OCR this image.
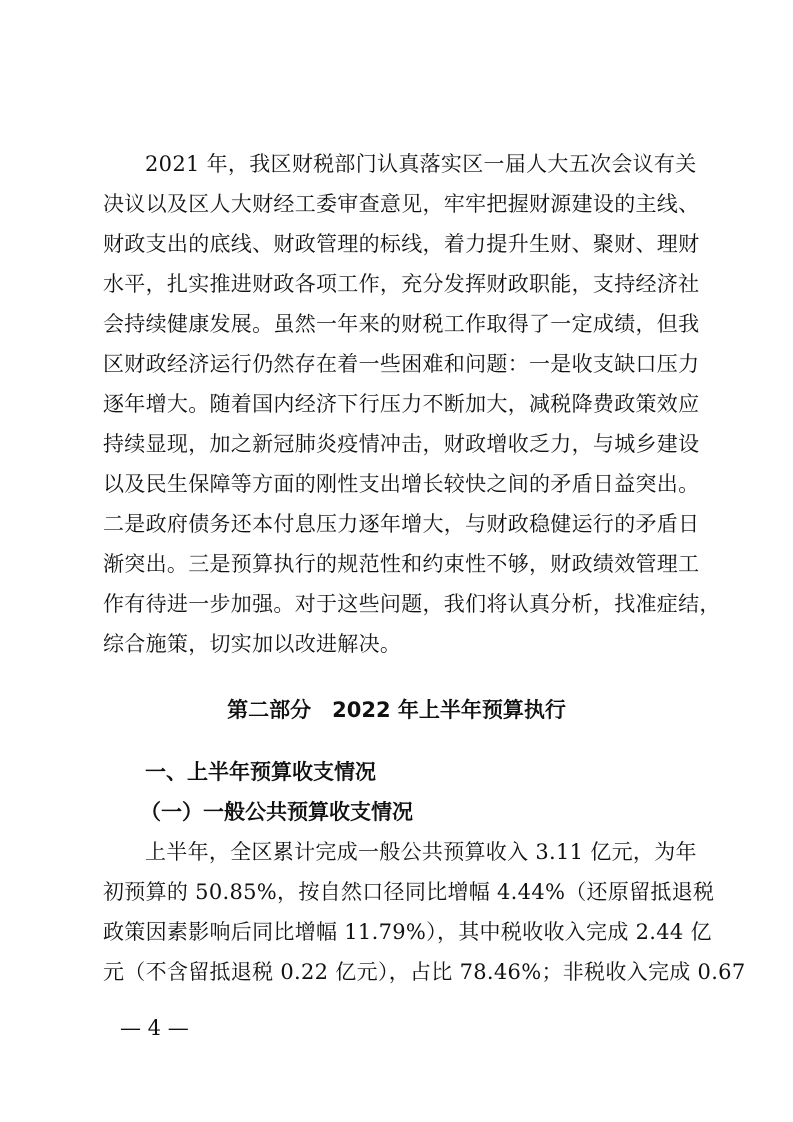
2021 年，我区财税部门认真落实区一届人大五次会议有关
决议以及区人大财经工委审查意见，牢牢把握财源建设的主线、
财政支出的底线、财政管理的标线，着力提升生财、聚财、理财
水平，扎实推进财政各项工作，充分发挥财政职能，支持经济社
会持续健康发展。虽然一年来的财税工作取得了一定成绩，但我
区财政经济运行仍然存在着一些困难和问题：一是收支缺口压力
逐年增大。随着国内经济下行压力不断加大，减税降费政策效应
持续显现，加之新冠肺炎疫情冲击，财政增收乏力，与城乡建设
以及民生保障等方面的刚性支出增长较快之间的矛盾日益突出。
二是政府债务还本付息压力逐年增大，与财政稳健运行的矛盾日
渐突出。三是预算执行的规范性和约束性不够，财政绩效管理工
作有待进一步加强。对于这些问题，我们将认真分析，找准症结，
综合施策，切实加以改进解决。
第二部分　2022 年上半年预算执行
一、上半年预算收支情况
（一）一般公共预算收支情况
上半年，全区累计完成一般公共预算收入 3.11 亿元，为年
初预算的 50.85%，按自然口径同比增幅 4.44%（还原留抵退税
政策因素影响后同比增幅 11.79%），其中税收收入完成 2.44 亿
元（不含留抵退税 0.22 亿元），占比 78.46%；非税收入完成 0.67
— 4 —
